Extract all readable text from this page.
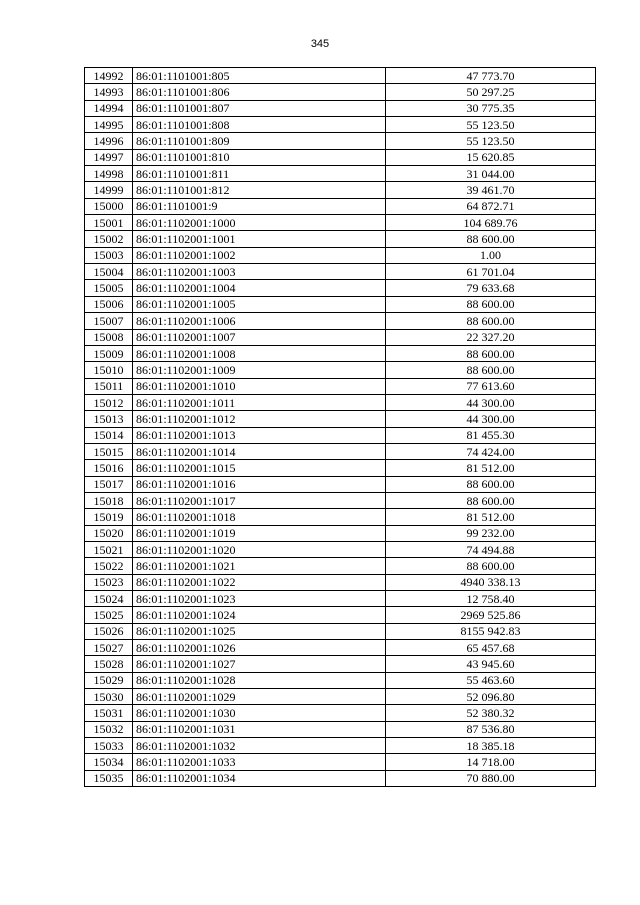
345
14992	86:01:1101001:805	47 773.70
14993	86:01:1101001:806	50 297.25
14994	86:01:1101001:807	30 775.35
14995	86:01:1101001:808	55 123.50
14996	86:01:1101001:809	55 123.50
14997	86:01:1101001:810	15 620.85
14998	86:01:1101001:811	31 044.00
14999	86:01:1101001:812	39 461.70
15000	86:01:1101001:9	64 872.71
15001	86:01:1102001:1000	104 689.76
15002	86:01:1102001:1001	88 600.00
15003	86:01:1102001:1002	1.00
15004	86:01:1102001:1003	61 701.04
15005	86:01:1102001:1004	79 633.68
15006	86:01:1102001:1005	88 600.00
15007	86:01:1102001:1006	88 600.00
15008	86:01:1102001:1007	22 327.20
15009	86:01:1102001:1008	88 600.00
15010	86:01:1102001:1009	88 600.00
15011	86:01:1102001:1010	77 613.60
15012	86:01:1102001:1011	44 300.00
15013	86:01:1102001:1012	44 300.00
15014	86:01:1102001:1013	81 455.30
15015	86:01:1102001:1014	74 424.00
15016	86:01:1102001:1015	81 512.00
15017	86:01:1102001:1016	88 600.00
15018	86:01:1102001:1017	88 600.00
15019	86:01:1102001:1018	81 512.00
15020	86:01:1102001:1019	99 232.00
15021	86:01:1102001:1020	74 494.88
15022	86:01:1102001:1021	88 600.00
15023	86:01:1102001:1022	4940 338.13
15024	86:01:1102001:1023	12 758.40
15025	86:01:1102001:1024	2969 525.86
15026	86:01:1102001:1025	8155 942.83
15027	86:01:1102001:1026	65 457.68
15028	86:01:1102001:1027	43 945.60
15029	86:01:1102001:1028	55 463.60
15030	86:01:1102001:1029	52 096.80
15031	86:01:1102001:1030	52 380.32
15032	86:01:1102001:1031	87 536.80
15033	86:01:1102001:1032	18 385.18
15034	86:01:1102001:1033	14 718.00
15035	86:01:1102001:1034	70 880.00
